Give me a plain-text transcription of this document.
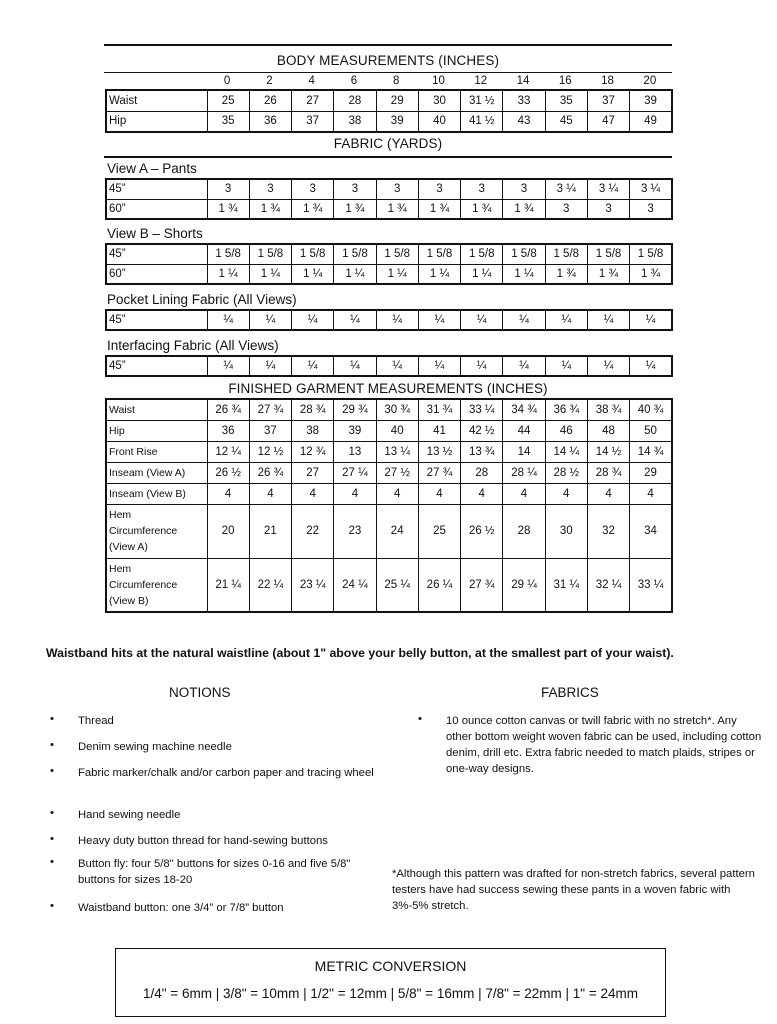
BODY MEASUREMENTS (INCHES)
	0	2	4	6	8	10	12	14	16	18	20
Waist	25	26	27	28	29	30	31 ½	33	35	37	39
Hip	35	36	37	38	39	40	41 ½	43	45	47	49
FABRIC (YARDS)
View A – Pants
45”	3	3	3	3	3	3	3	3	3 ¼	3 ¼	3 ¼
60”	1 ¾	1 ¾	1 ¾	1 ¾	1 ¾	1 ¾	1 ¾	1 ¾	3	3	3
View B – Shorts
45”	1 5/8	1 5/8	1 5/8	1 5/8	1 5/8	1 5/8	1 5/8	1 5/8	1 5/8	1 5/8	1 5/8
60”	1 ¼	1 ¼	1 ¼	1 ¼	1 ¼	1 ¼	1 ¼	1 ¼	1 ¾	1 ¾	1 ¾
Pocket Lining Fabric (All Views)
45”	¼	¼	¼	¼	¼	¼	¼	¼	¼	¼	¼
Interfacing Fabric (All Views)
45”	¼	¼	¼	¼	¼	¼	¼	¼	¼	¼	¼
FINISHED GARMENT MEASUREMENTS (INCHES)
Waist	26 ¾	27 ¾	28 ¾	29 ¾	30 ¾	31 ¾	33 ¼	34 ¾	36 ¾	38 ¾	40 ¾
Hip	36	37	38	39	40	41	42 ½	44	46	48	50
Front Rise	12 ¼	12 ½	12 ¾	13	13 ¼	13 ½	13 ¾	14	14 ¼	14 ½	14 ¾
Inseam (View A)	26 ½	26 ¾	27	27 ¼	27 ½	27 ¾	28	28 ¼	28 ½	28 ¾	29
Inseam (View B)	4	4	4	4	4	4	4	4	4	4	4

Hem
Circumference
(View A)	20	21	22	23	24	25	26 ½	28	30	32	34

Hem
Circumference
(View B)	21 ¼	22 ¼	23 ¼	24 ¼	25 ¼	26 ¼	27 ¾	29 ¼	31 ¼	32 ¼	33 ¼
Waistband hits at the natural waistline (about 1" above your belly button, at the smallest part of your waist).
NOTIONS	FABRICS
• Thread
• Denim sewing machine needle
• Fabric marker/chalk and/or carbon paper and tracing wheel
• Hand sewing needle
• Heavy duty button thread for hand-sewing buttons
• Button fly: four 5/8" buttons for sizes 0-16 and five 5/8" buttons for sizes 18-20
• Waistband button: one 3/4” or 7/8” button
• 10 ounce cotton canvas or twill fabric with no stretch*. Any other bottom weight woven fabric can be used, including cotton denim, drill etc. Extra fabric needed to match plaids, stripes or one-way designs.
*Although this pattern was drafted for non-stretch fabrics, several pattern testers have had success sewing these pants in a woven fabric with 3%-5% stretch.
METRIC CONVERSION
1/4" = 6mm | 3/8" = 10mm | 1/2" = 12mm | 5/8" = 16mm | 7/8" = 22mm | 1" = 24mm
